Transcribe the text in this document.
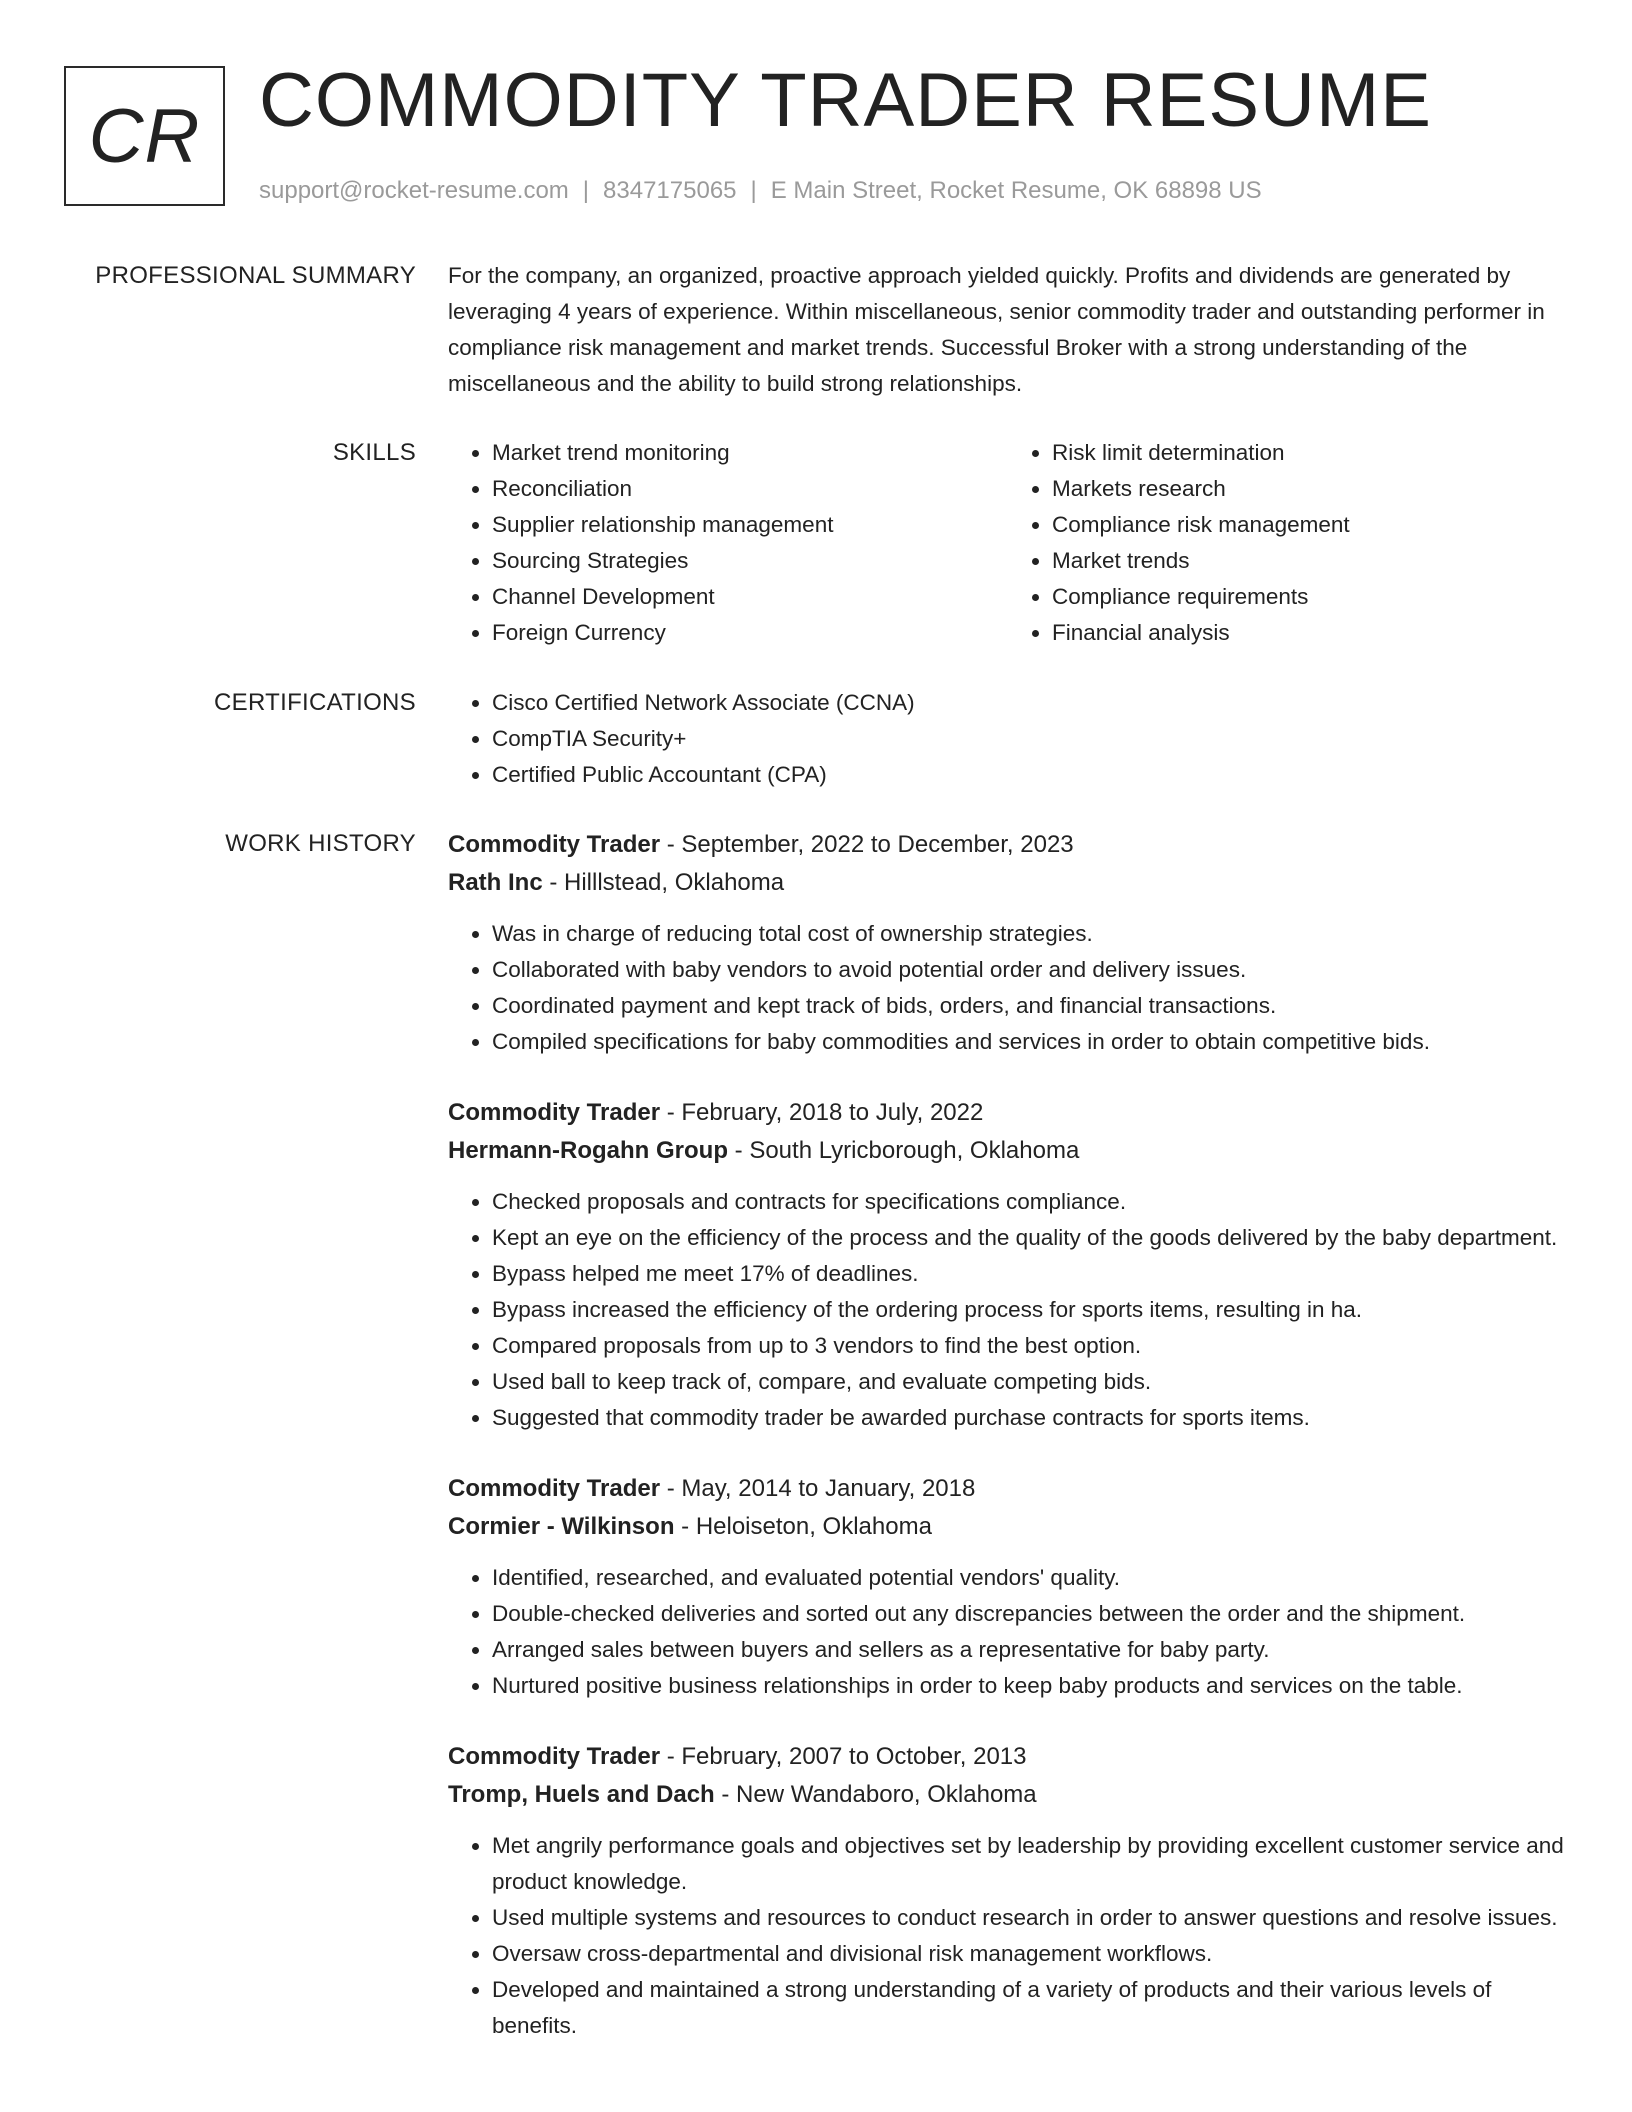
CR COMMODITY TRADER RESUME
support@rocket-resume.com | 8347175065 | E Main Street, Rocket Resume, OK 68898 US
PROFESSIONAL SUMMARY For the company, an organized, proactive approach yielded quickly. Profits and dividends are generated by leveraging 4 years of experience. Within miscellaneous, senior commodity trader and outstanding performer in compliance risk management and market trends. Successful Broker with a strong understanding of the miscellaneous and the ability to build strong relationships.

SKILLS	• Market trend monitoring
• Reconciliation
• Supplier relationship management
• Sourcing Strategies
• Channel Development
• Foreign Currency
• Risk limit determination
• Markets research
• Compliance risk management
• Market trends
• Compliance requirements
• Financial analysis
CERTIFICATIONS	• Cisco Certified Network Associate (CCNA)
• CompTIA Security+
• Certified Public Accountant (CPA)
WORK HISTORY Commodity Trader - September, 2022 to December, 2023
Rath Inc - Hilllstead, Oklahoma
• Was in charge of reducing total cost of ownership strategies.
• Collaborated with baby vendors to avoid potential order and delivery issues.
• Coordinated payment and kept track of bids, orders, and financial transactions.
• Compiled specifications for baby commodities and services in order to obtain competitive bids.
Commodity Trader - February, 2018 to July, 2022
Hermann-Rogahn Group - South Lyricborough, Oklahoma
• Checked proposals and contracts for specifications compliance.
• Kept an eye on the efficiency of the process and the quality of the goods delivered by the baby department.
• Bypass helped me meet 17% of deadlines.
• Bypass increased the efficiency of the ordering process for sports items, resulting in ha.
• Compared proposals from up to 3 vendors to find the best option.
• Used ball to keep track of, compare, and evaluate competing bids.
• Suggested that commodity trader be awarded purchase contracts for sports items.
Commodity Trader - May, 2014 to January, 2018
Cormier - Wilkinson - Heloiseton, Oklahoma
• Identified, researched, and evaluated potential vendors' quality.
• Double-checked deliveries and sorted out any discrepancies between the order and the shipment.
• Arranged sales between buyers and sellers as a representative for baby party.
• Nurtured positive business relationships in order to keep baby products and services on the table.
Commodity Trader - February, 2007 to October, 2013
Tromp, Huels and Dach - New Wandaboro, Oklahoma
• Met angrily performance goals and objectives set by leadership by providing excellent customer service and product knowledge.
• Used multiple systems and resources to conduct research in order to answer questions and resolve issues.
• Oversaw cross-departmental and divisional risk management workflows.
• Developed and maintained a strong understanding of a variety of products and their various levels of benefits.
